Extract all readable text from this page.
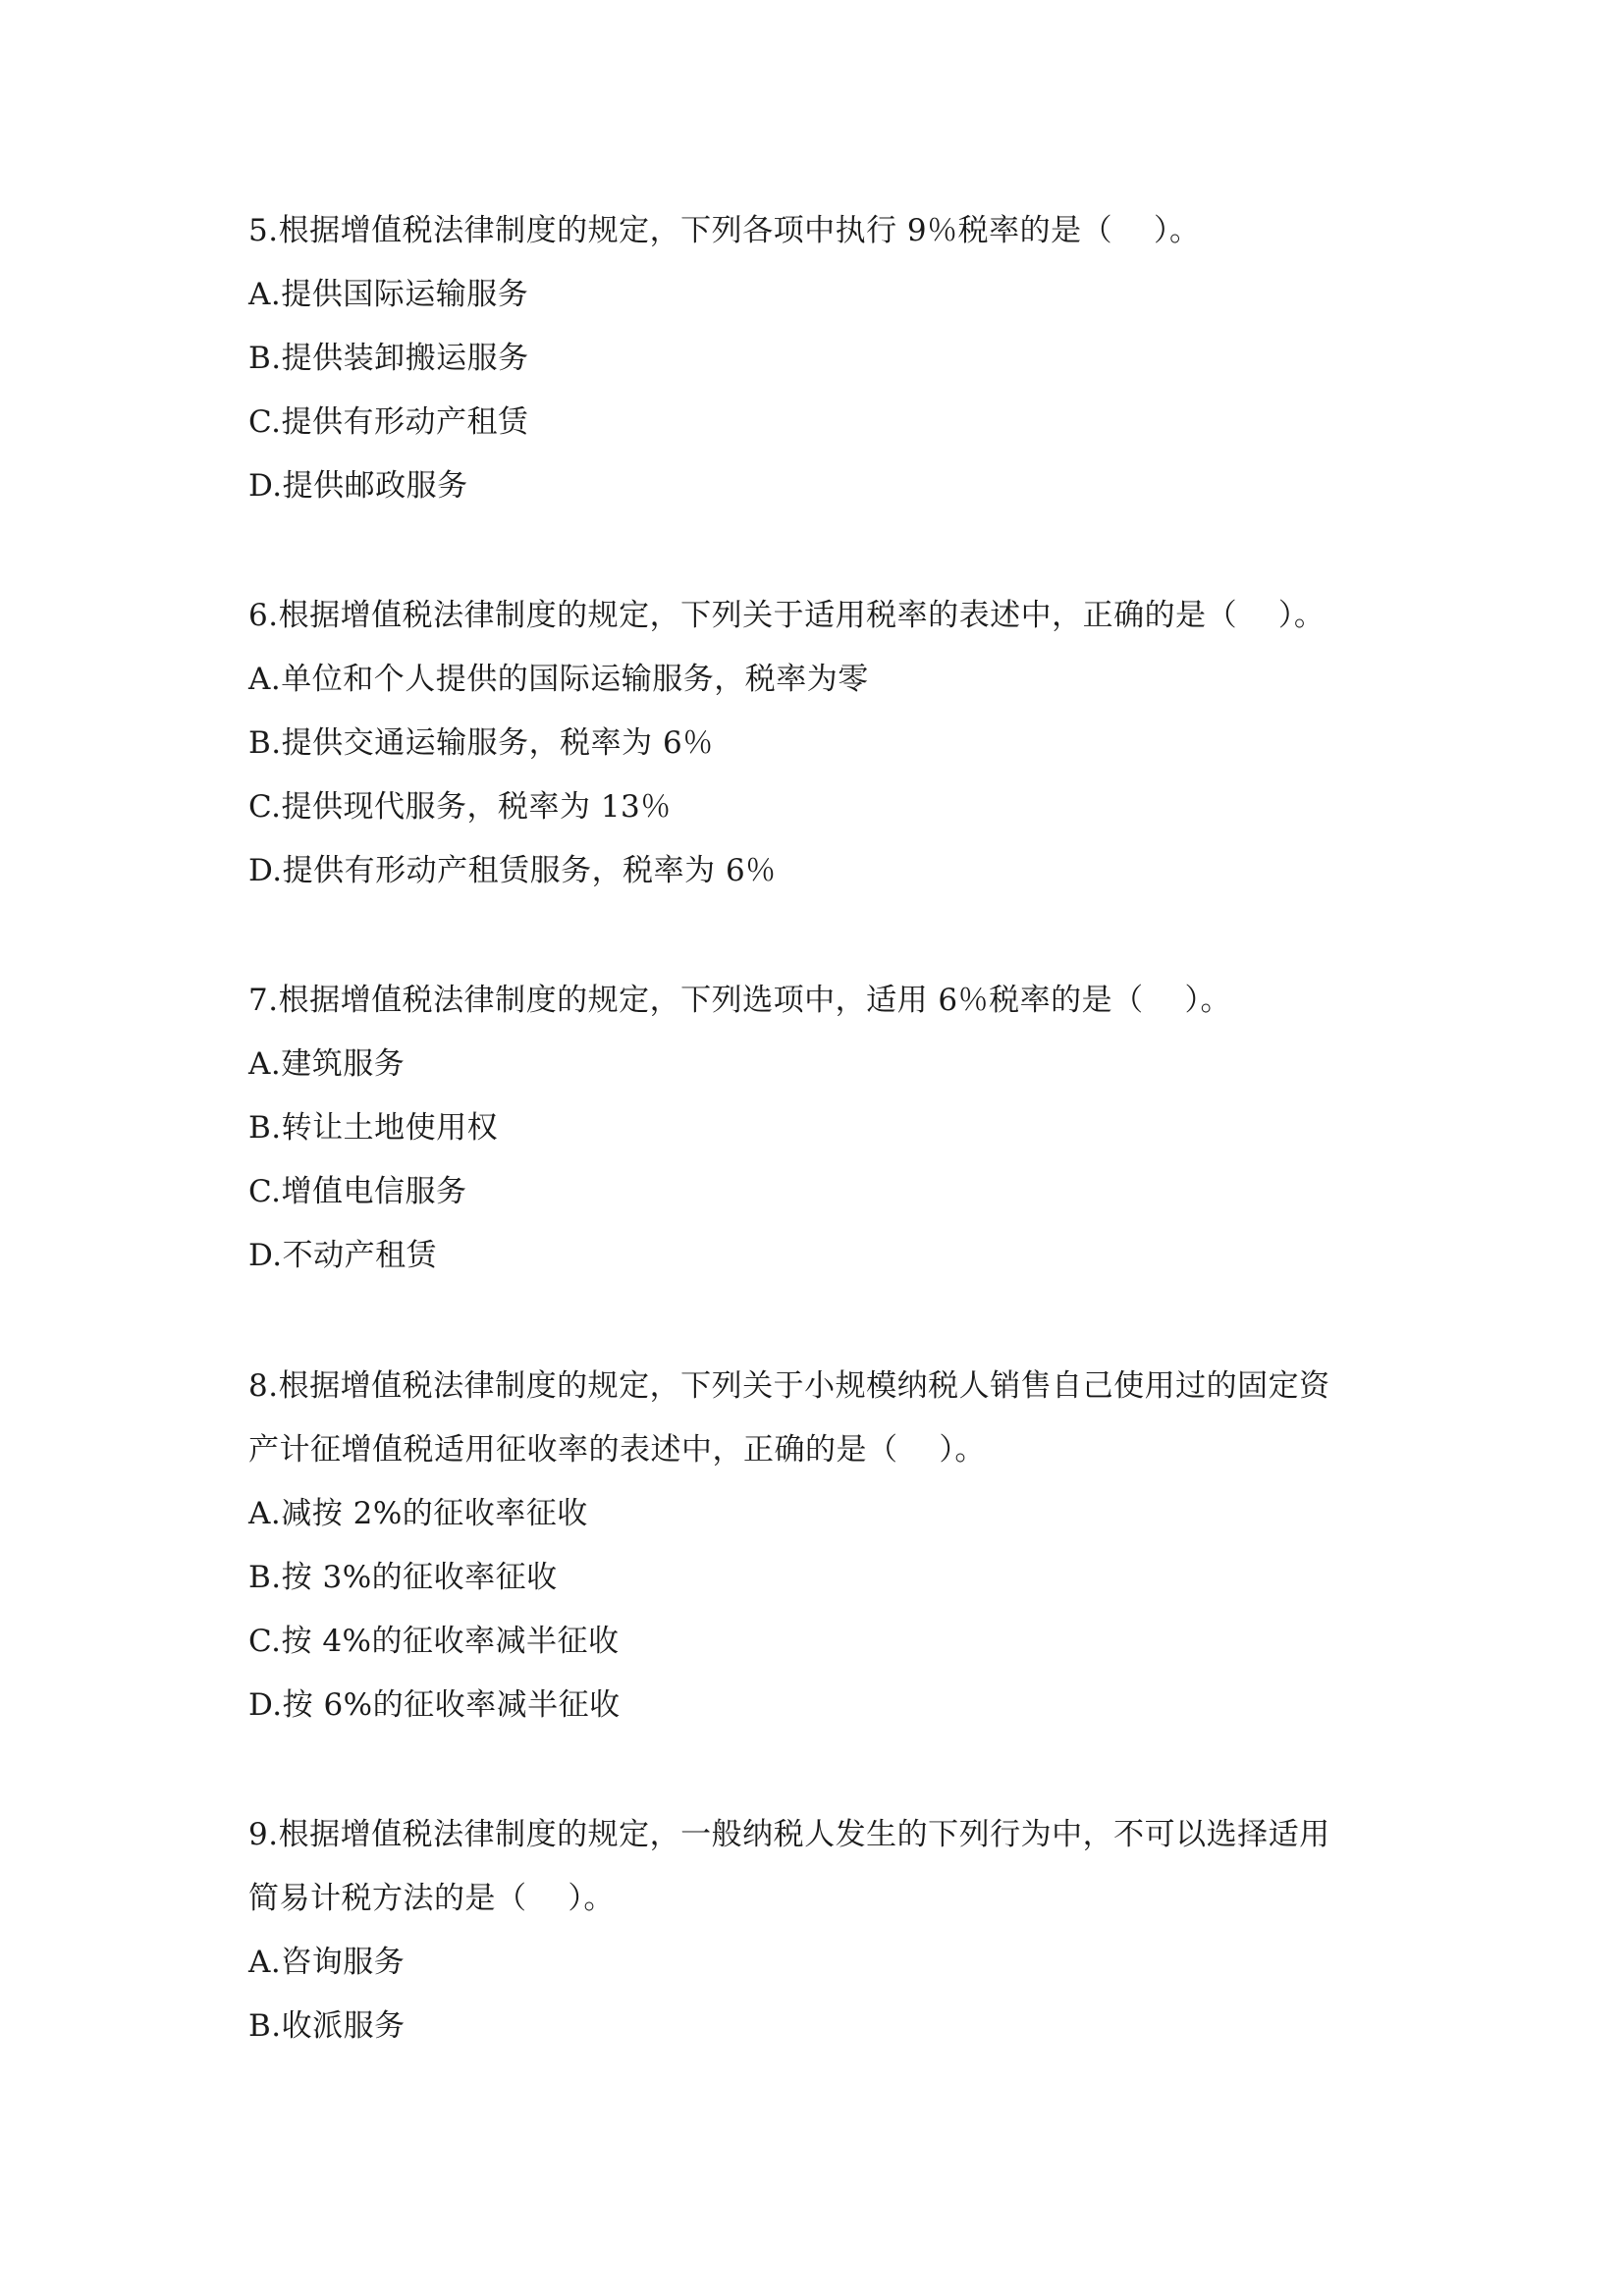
5.根据增值税法律制度的规定，下列各项中执行 9％税率的是（　 ）。

A.提供国际运输服务

B.提供装卸搬运服务

C.提供有形动产租赁

D.提供邮政服务

6.根据增值税法律制度的规定，下列关于适用税率的表述中，正确的是（　 ）。

A.单位和个人提供的国际运输服务，税率为零

B.提供交通运输服务，税率为 6％

C.提供现代服务，税率为 13％

D.提供有形动产租赁服务，税率为 6％

7.根据增值税法律制度的规定，下列选项中，适用 6％税率的是（　 ）。

A.建筑服务

B.转让土地使用权

C.增值电信服务

D.不动产租赁

8.根据增值税法律制度的规定，下列关于小规模纳税人销售自己使用过的固定资

产计征增值税适用征收率的表述中，正确的是（　 ）。

A.减按 2%的征收率征收

B.按 3%的征收率征收

C.按 4%的征收率减半征收

D.按 6%的征收率减半征收

9.根据增值税法律制度的规定，一般纳税人发生的下列行为中，不可以选择适用

简易计税方法的是（　 ）。

A.咨询服务

B.收派服务
